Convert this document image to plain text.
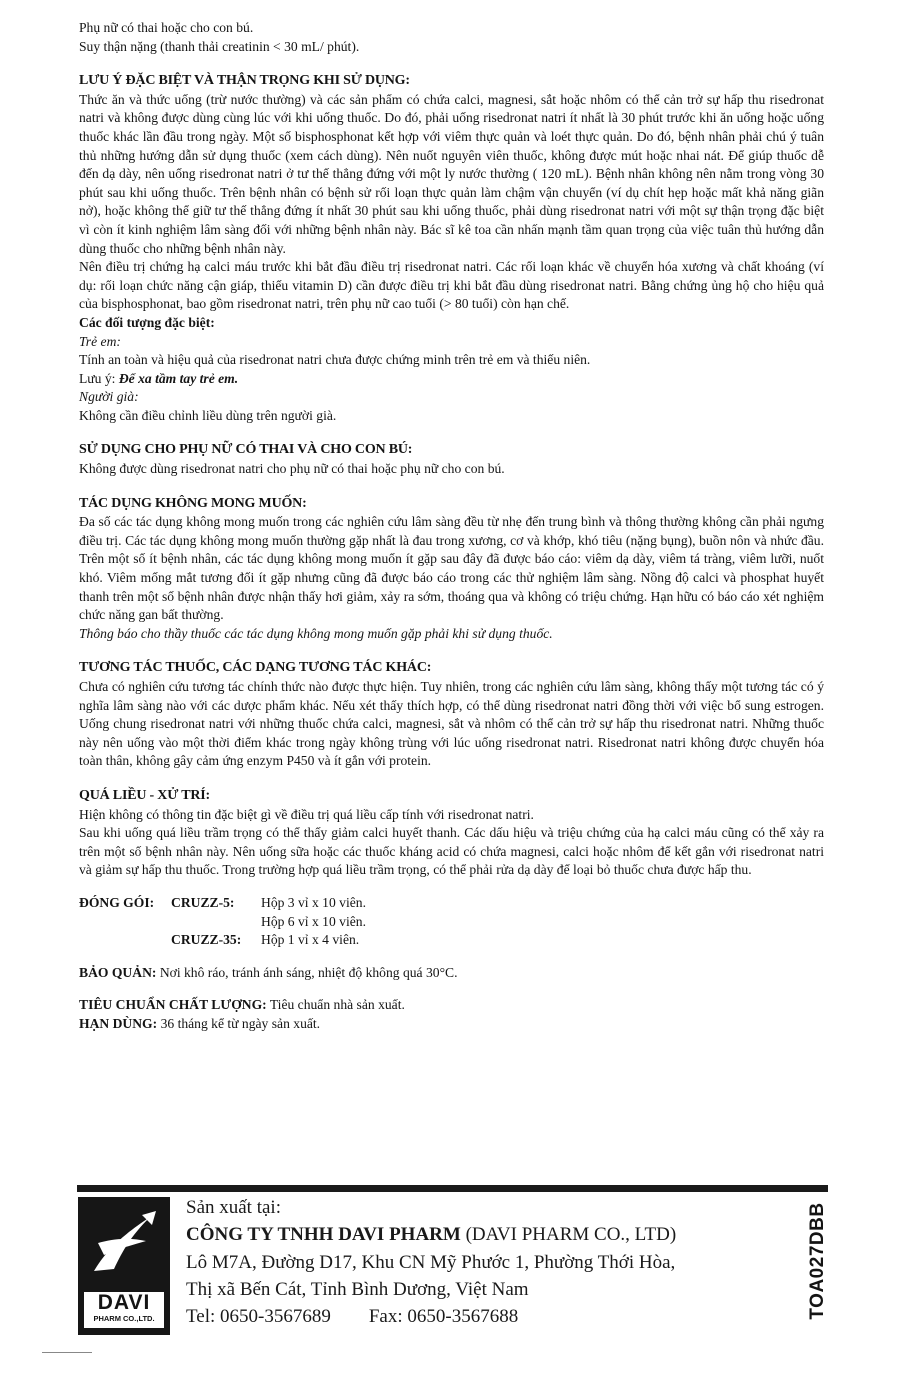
Phụ nữ có thai hoặc cho con bú.

Suy thận nặng (thanh thải creatinin < 30 mL/ phút).

LƯU Ý ĐẶC BIỆT VÀ THẬN TRỌNG KHI SỬ DỤNG:

Thức ăn và thức uống (trừ nước thường) và các sản phẩm có chứa calci, magnesi, sắt hoặc nhôm có thể cản trở sự hấp thu risedronat natri và không được dùng cùng lúc với khi uống thuốc. Do đó, phải uống risedronat natri ít nhất là 30 phút trước khi ăn uống hoặc uống thuốc khác lần đầu trong ngày. Một số bisphosphonat kết hợp với viêm thực quản và loét thực quản. Do đó, bệnh nhân phải chú ý tuân thủ những hướng dẫn sử dụng thuốc (xem cách dùng). Nên nuốt nguyên viên thuốc, không được mút hoặc nhai nát. Để giúp thuốc dễ đến dạ dày, nên uống risedronat natri ở tư thế thẳng đứng với một ly nước thường ( 120 mL). Bệnh nhân không nên nằm trong vòng 30 phút sau khi uống thuốc. Trên bệnh nhân có bệnh sử rối loạn thực quản làm chậm vận chuyển (ví dụ chít hẹp hoặc mất khả năng giãn nở), hoặc không thể giữ tư thế thẳng đứng ít nhất 30 phút sau khi uống thuốc, phải dùng risedronat natri với một sự thận trọng đặc biệt vì còn ít kinh nghiệm lâm sàng đối với những bệnh nhân này. Bác sĩ kê toa cần nhấn mạnh tầm quan trọng của việc tuân thủ hướng dẫn dùng thuốc cho những bệnh nhân này.

Nên điều trị chứng hạ calci máu trước khi bắt đầu điều trị risedronat natri. Các rối loạn khác về chuyển hóa xương và chất khoáng (ví dụ: rối loạn chức năng cận giáp, thiếu vitamin D) cần được điều trị khi bắt đầu dùng risedronat natri. Bằng chứng ủng hộ cho hiệu quả của bisphosphonat, bao gồm risedronat natri, trên phụ nữ cao tuổi (> 80 tuổi) còn hạn chế.

Các đối tượng đặc biệt:

Trẻ em:

Tính an toàn và hiệu quả của risedronat natri chưa được chứng minh trên trẻ em và thiếu niên.

Lưu ý: Để xa tầm tay trẻ em.

Người già:

Không cần điều chỉnh liều dùng trên người già.

SỬ DỤNG CHO PHỤ NỮ CÓ THAI VÀ CHO CON BÚ:

Không được dùng risedronat natri cho phụ nữ có thai hoặc phụ nữ cho con bú.

TÁC DỤNG KHÔNG MONG MUỐN:

Đa số các tác dụng không mong muốn trong các nghiên cứu lâm sàng đều từ nhẹ đến trung bình và thông thường không cần phải ngưng điều trị. Các tác dụng không mong muốn thường gặp nhất là đau trong xương, cơ và khớp, khó tiêu (nặng bụng), buồn nôn và nhức đầu. Trên một số ít bệnh nhân, các tác dụng không mong muốn ít gặp sau đây đã được báo cáo: viêm dạ dày, viêm tá tràng, viêm lưỡi, nuốt khó. Viêm mống mắt tương đối ít gặp nhưng cũng đã được báo cáo trong các thử nghiệm lâm sàng. Nồng độ calci và phosphat huyết thanh trên một số bệnh nhân được nhận thấy hơi giảm, xảy ra sớm, thoáng qua và không có triệu chứng. Hạn hữu có báo cáo xét nghiệm chức năng gan bất thường.

Thông báo cho thầy thuốc các tác dụng không mong muốn gặp phải khi sử dụng thuốc.

TƯƠNG TÁC THUỐC, CÁC DẠNG TƯƠNG TÁC KHÁC:

Chưa có nghiên cứu tương tác chính thức nào được thực hiện. Tuy nhiên, trong các nghiên cứu lâm sàng, không thấy một tương tác có ý nghĩa lâm sàng nào với các dược phẩm khác. Nếu xét thấy thích hợp, có thể dùng risedronat natri đồng thời với việc bổ sung estrogen. Uống chung risedronat natri với những thuốc chứa calci, magnesi, sắt và nhôm có thể cản trở sự hấp thu risedronat natri. Những thuốc này nên uống vào một thời điểm khác trong ngày không trùng với lúc uống risedronat natri. Risedronat natri không được chuyển hóa toàn thân, không gây cảm ứng enzym P450 và ít gắn với protein.

QUÁ LIỀU - XỬ TRÍ:

Hiện không có thông tin đặc biệt gì về điều trị quá liều cấp tính với risedronat natri.

Sau khi uống quá liều trầm trọng có thể thấy giảm calci huyết thanh. Các dấu hiệu và triệu chứng của hạ calci máu cũng có thể xảy ra trên một số bệnh nhân này. Nên uống sữa hoặc các thuốc kháng acid có chứa magnesi, calci hoặc nhôm để kết gắn với risedronat natri và giảm sự hấp thu thuốc. Trong trường hợp quá liều trầm trọng, có thể phải rửa dạ dày để loại bỏ thuốc chưa được hấp thu.

ĐÓNG GÓI:	CRUZZ-5:	Hộp 3 vỉ x 10 viên.
		Hộp 6 vỉ x 10 viên.
	CRUZZ-35:	Hộp 1 vỉ x 4 viên.

BẢO QUẢN: Nơi khô ráo, tránh ánh sáng, nhiệt độ không quá 30°C.

TIÊU CHUẨN CHẤT LƯỢNG: Tiêu chuẩn nhà sản xuất.

HẠN DÙNG: 36 tháng kể từ ngày sản xuất.

DAVI
PHARM CO.,LTD.
Sản xuất tại:
CÔNG TY TNHH DAVI PHARM (DAVI PHARM CO., LTD)
Lô M7A, Đường D17, Khu CN Mỹ Phước 1, Phường Thới Hòa,
Thị xã Bến Cát, Tỉnh Bình Dương, Việt Nam
Tel: 0650-3567689 Fax: 0650-3567688	TOA027DBB
